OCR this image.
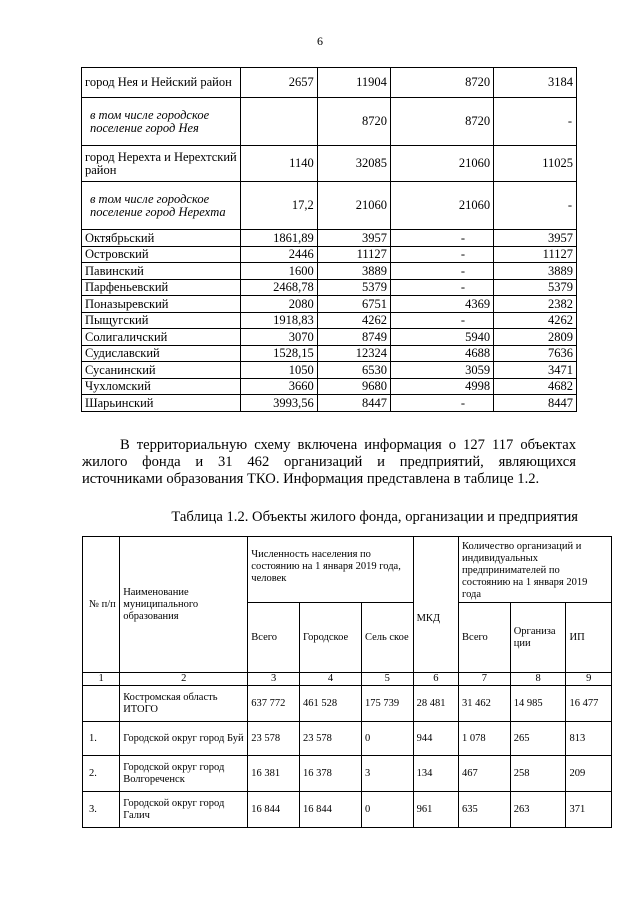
6
город Нея и Нейский район	2657	11904	8720	3184
в том числе городское поселение город Нея		8720	8720	-
город Нерехта и Нерехтский район	1140	32085	21060	11025
в том числе городское поселение город Нерехта	17,2	21060	21060	-
Октябрьский	1861,89	3957	-	3957
Островский	2446	11127	-	11127
Павинский	1600	3889	-	3889
Парфеньевский	2468,78	5379	-	5379
Поназыревский	2080	6751	4369	2382
Пыщугский	1918,83	4262	-	4262
Солигаличский	3070	8749	5940	2809
Судиславский	1528,15	12324	4688	7636
Сусанинский	1050	6530	3059	3471
Чухломский	3660	9680	4998	4682
Шарьинский	3993,56	8447	-	8447
В территориальную схему включена информация о 127 117 объектах
жилого фонда и 31 462 организаций и предприятий, являющихся
источниками образования ТКО. Информация представлена в таблице 1.2.
Таблица 1.2. Объекты жилого фонда, организации и предприятия
№ п/п	Наименование муниципального образования	Численность населения по состоянию на 1 января 2019 года, человек			МКД	Количество организаций и индивидуальных предпринимателей по состоянию на 1 января 2019 года		
		Всего	Городское	Сель ское		Всего	Организа ции	ИП
1	2	3	4	5	6	7	8	9
	Костромская область ИТОГО	637 772	461 528	175 739	28 481	31 462	14 985	16 477
1.	Городской округ город Буй	23 578	23 578	0	944	1 078	265	813
2.	Городской округ город Волгореченск	16 381	16 378	3	134	467	258	209
3.	Городской округ город Галич	16 844	16 844	0	961	635	263	371
